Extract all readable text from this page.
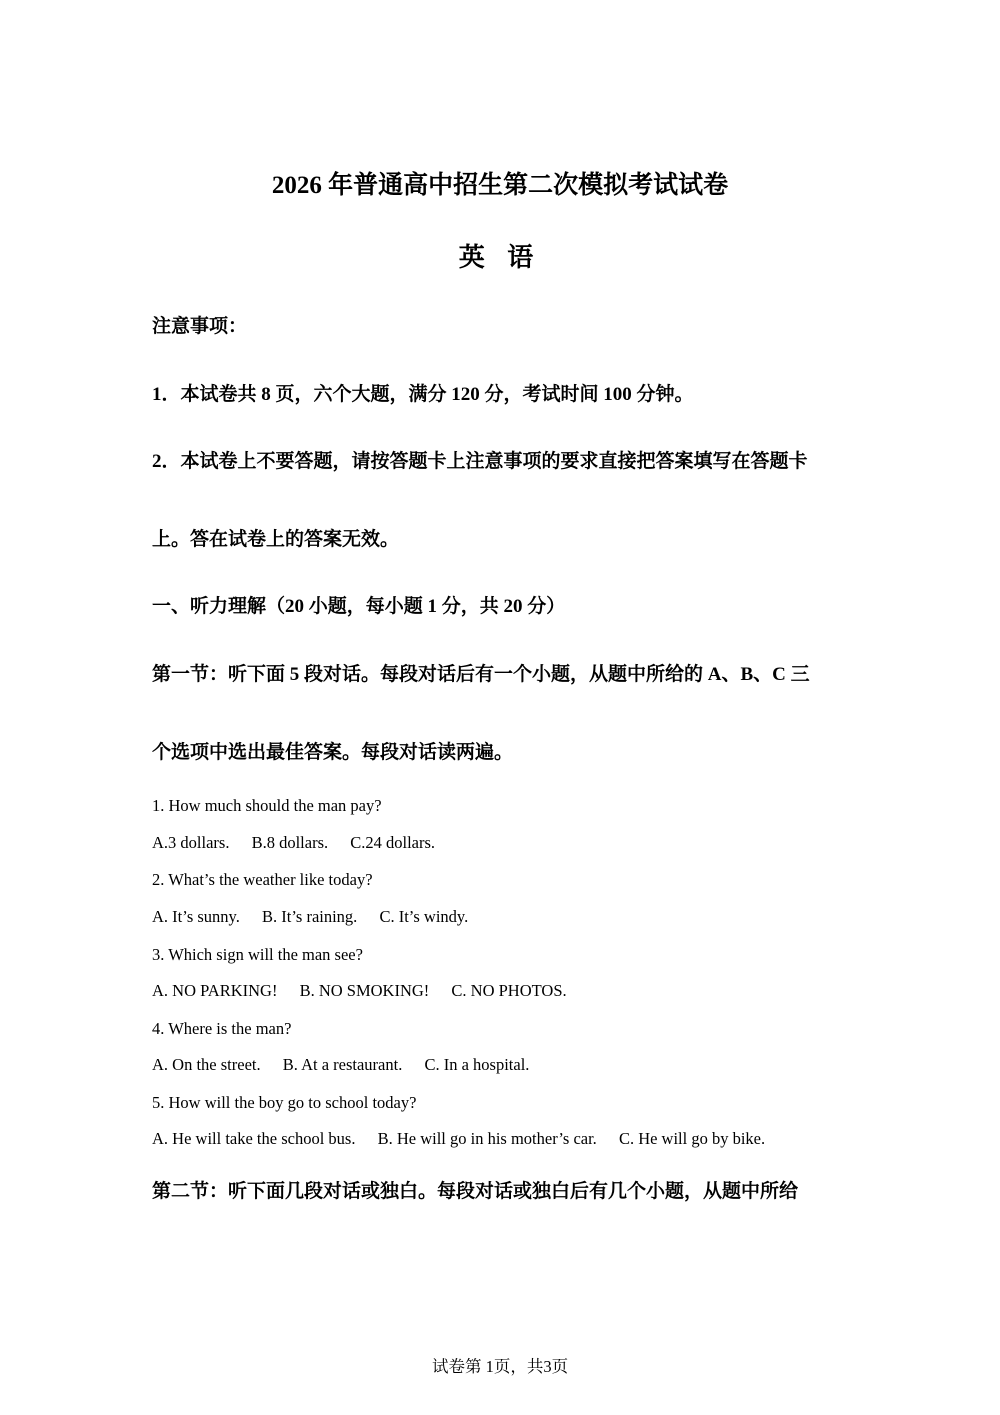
2026 年普通高中招生第二次模拟考试试卷
英 语
注意事项：
1．本试卷共 8 页，六个大题，满分 120 分，考试时间 100 分钟。
2．本试卷上不要答题，请按答题卡上注意事项的要求直接把答案填写在答题卡
上。答在试卷上的答案无效。
一、听力理解（20 小题，每小题 1 分，共 20 分）
第一节：听下面 5 段对话。每段对话后有一个小题，从题中所给的 A、B、C 三
个选项中选出最佳答案。每段对话读两遍。
1. How much should the man pay?
A.3 dollars. B.8 dollars. C.24 dollars.
2. What’s the weather like today?
A. It’s sunny. B. It’s raining. C. It’s windy.
3. Which sign will the man see?
A. NO PARKING! B. NO SMOKING! C. NO PHOTOS.
4. Where is the man?
A. On the street. B. At a restaurant. C. In a hospital.
5. How will the boy go to school today?
A. He will take the school bus. B. He will go in his mother’s car. C. He will go by bike.
第二节：听下面几段对话或独白。每段对话或独白后有几个小题，从题中所给
试卷第 1页，共3页
